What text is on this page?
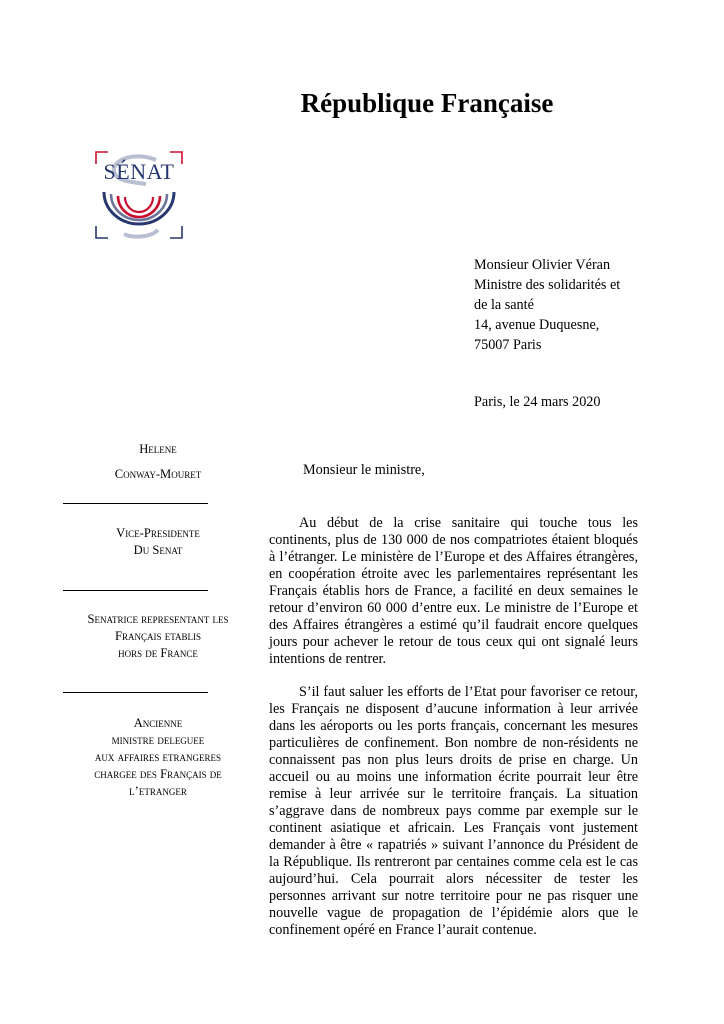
République Française
SÉNAT
Monsieur Olivier Véran
Ministre des solidarités et
de la santé
14, avenue Duquesne,
75007 Paris
Paris, le 24 mars 2020
Helene
Conway-Mouret
Vice-Presidente
Du Senat
Senatrice representant les
Français etablis
hors de France
Ancienne
ministre deleguee
aux affaires etrangeres
chargee des Français de
l’etranger
Monsieur le ministre,

Au début de la crise sanitaire qui touche tous les continents, plus de 130 000 de nos compatriotes étaient bloqués à l’étranger. Le ministère de l’Europe et des Affaires étrangères, en coopération étroite avec les parlementaires représentant les Français établis hors de France, a facilité en deux semaines le retour d’environ 60 000 d’entre eux. Le ministre de l’Europe et des Affaires étrangères a estimé qu’il faudrait encore quelques jours pour achever le retour de tous ceux qui ont signalé leurs intentions de rentrer.

S’il faut saluer les efforts de l’Etat pour favoriser ce retour, les Français ne disposent d’aucune information à leur arrivée dans les aéroports ou les ports français, concernant les mesures particulières de confinement. Bon nombre de non-résidents ne connaissent pas non plus leurs droits de prise en charge. Un accueil ou au moins une information écrite pourrait leur être remise à leur arrivée sur le territoire français. La situation s’aggrave dans de nombreux pays comme par exemple sur le continent asiatique et africain. Les Français vont justement demander à être « rapatriés » suivant l’annonce du Président de la République. Ils rentreront par centaines comme cela est le cas aujourd’hui. Cela pourrait alors nécessiter de tester les personnes arrivant sur notre territoire pour ne pas risquer une nouvelle vague de propagation de l’épidémie alors que le confinement opéré en France l’aurait contenue.
